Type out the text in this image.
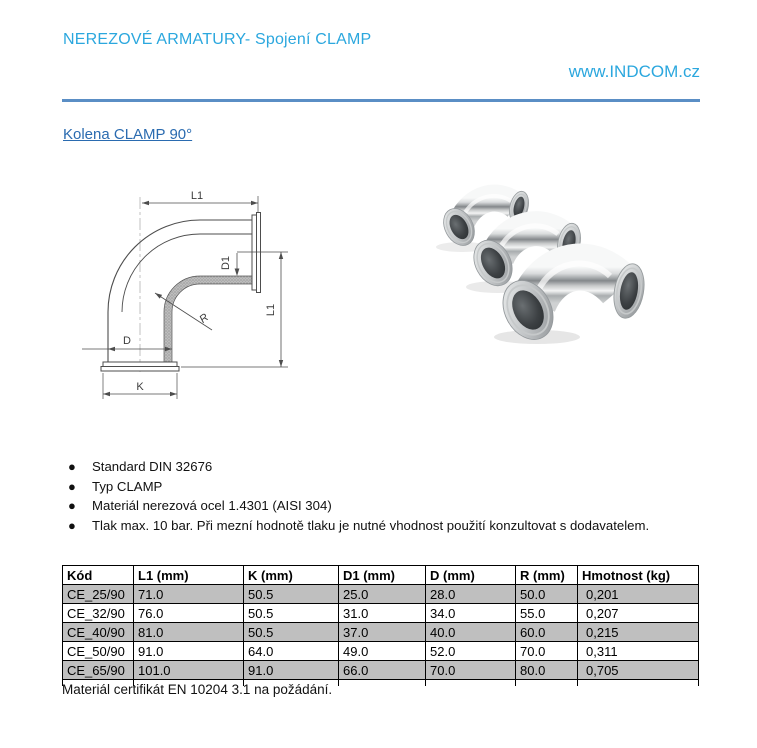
NEREZOVÉ ARMATURY- Spojení CLAMP
www.INDCOM.cz
Kolena CLAMP 90°
L1
L1
D1
R
D
K
● Standard DIN 32676
● Typ CLAMP
● Materiál nerezová ocel 1.4301 (AISI 304)
● Tlak max. 10 bar. Při mezní hodnotě tlaku je nutné vhodnost použití konzultovat s dodavatelem.
Kód	L1 (mm)	K (mm)	D1 (mm)	D (mm)	R (mm)	Hmotnost (kg)
CE_25/90	71.0	50.5	25.0	28.0	50.0	0,201
CE_32/90	76.0	50.5	31.0	34.0	55.0	0,207
CE_40/90	81.0	50.5	37.0	40.0	60.0	0,215
CE_50/90	91.0	64.0	49.0	52.0	70.0	0,311
CE_65/90	101.0	91.0	66.0	70.0	80.0	0,705

Materiál certifikát EN 10204 3.1 na požádání.
